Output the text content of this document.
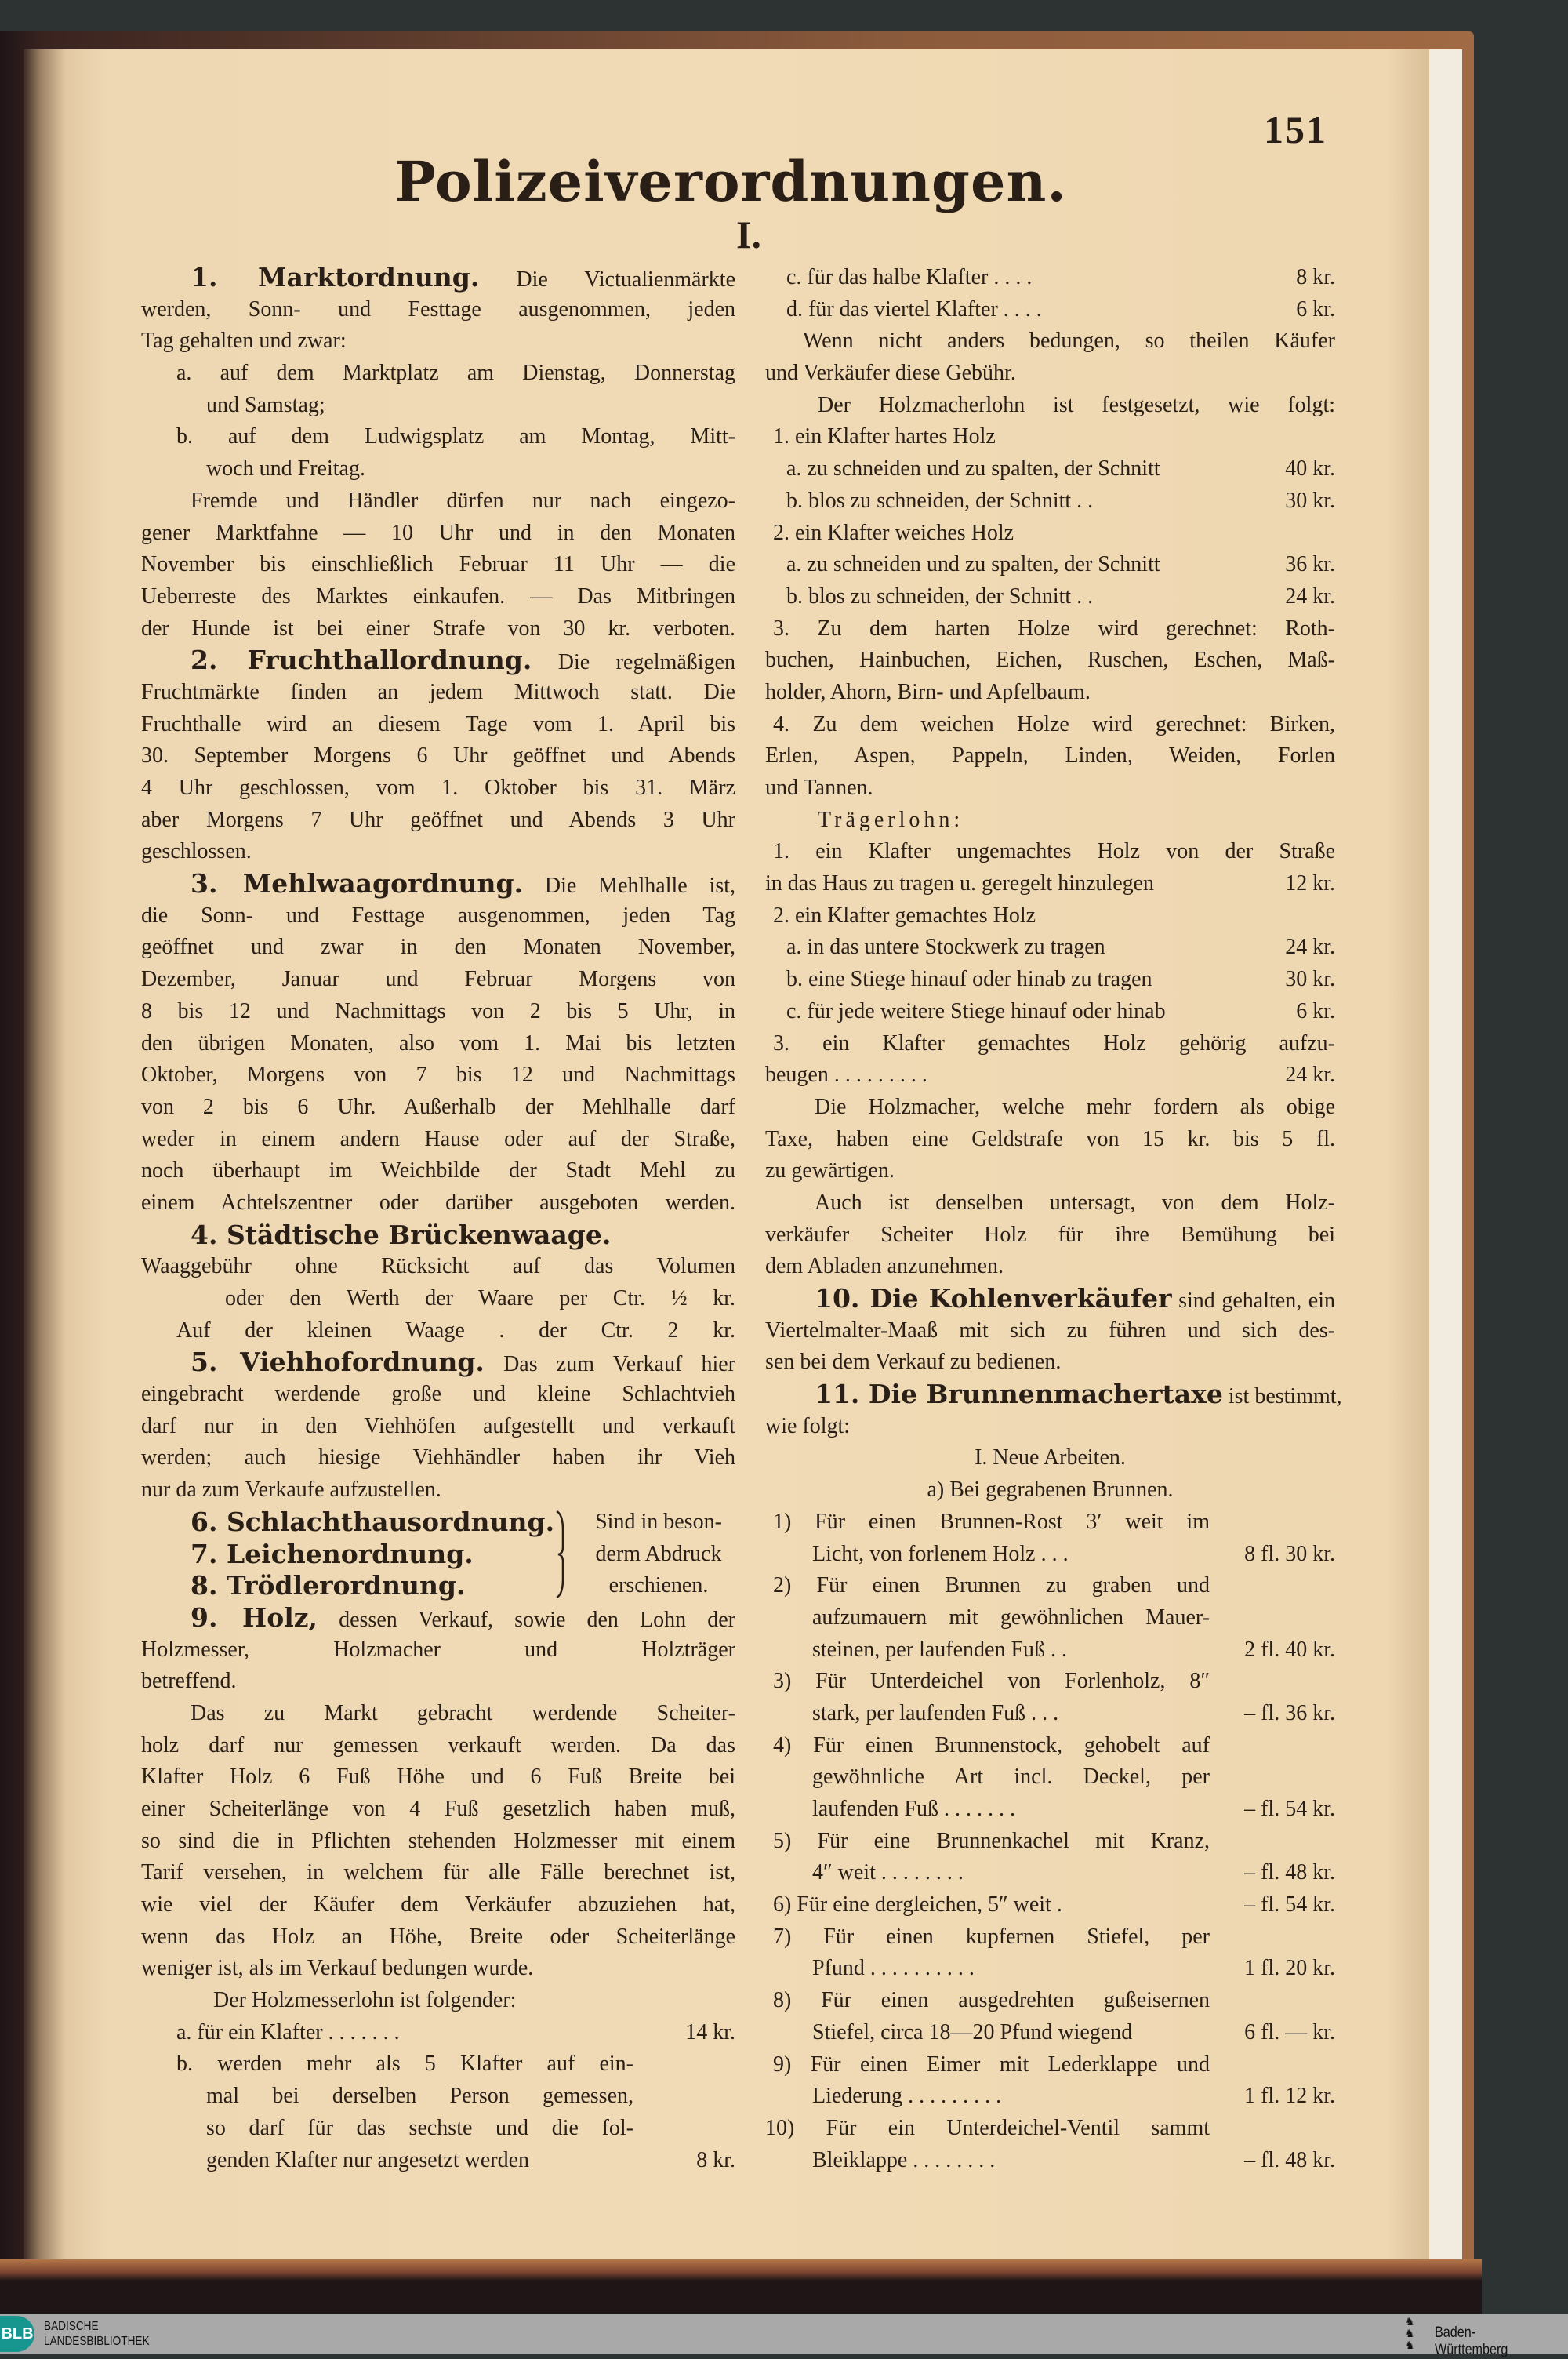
151
Polizeiverordnungen.
I.
1. Marktordnung. Die Victualienmärkte
werden, Sonn- und Festtage ausgenommen, jeden
Tag gehalten und zwar:
a. auf dem Marktplatz am Dienstag, Donnerstag
und Samstag;
b. auf dem Ludwigsplatz am Montag, Mitt-
woch und Freitag.
Fremde und Händler dürfen nur nach eingezo-
gener Marktfahne — 10 Uhr und in den Monaten
November bis einschließlich Februar 11 Uhr — die
Ueberreste des Marktes einkaufen. — Das Mitbringen
der Hunde ist bei einer Strafe von 30 kr. verboten.
2. Fruchthallordnung. Die regelmäßigen
Fruchtmärkte finden an jedem Mittwoch statt. Die
Fruchthalle wird an diesem Tage vom 1. April bis
30. September Morgens 6 Uhr geöffnet und Abends
4 Uhr geschlossen, vom 1. Oktober bis 31. März
aber Morgens 7 Uhr geöffnet und Abends 3 Uhr
geschlossen.
3. Mehlwaagordnung. Die Mehlhalle ist,
die Sonn- und Festtage ausgenommen, jeden Tag
geöffnet und zwar in den Monaten November,
Dezember, Januar und Februar Morgens von
8 bis 12 und Nachmittags von 2 bis 5 Uhr, in
den übrigen Monaten, also vom 1. Mai bis letzten
Oktober, Morgens von 7 bis 12 und Nachmittags
von 2 bis 6 Uhr. Außerhalb der Mehlhalle darf
weder in einem andern Hause oder auf der Straße,
noch überhaupt im Weichbilde der Stadt Mehl zu
einem Achtelszentner oder darüber ausgeboten werden.
4. Städtische Brückenwaage.
Waaggebühr ohne Rücksicht auf das Volumen
oder den Werth der Waare per Ctr. ½ kr.
Auf der kleinen Waage . der Ctr. 2 kr.
5. Viehhofordnung. Das zum Verkauf hier
eingebracht werdende große und kleine Schlachtvieh
darf nur in den Viehhöfen aufgestellt und verkauft
werden; auch hiesige Viehhändler haben ihr Vieh
nur da zum Verkaufe aufzustellen.
6. Schlachthausordnung.
7. Leichenordnung.
8. Trödlerordnung.
Sind in beson-
derm Abdruck
erschienen.
9. Holz, dessen Verkauf, sowie den Lohn der
Holzmesser, Holzmacher und Holzträger
betreffend.
Das zu Markt gebracht werdende Scheiter-
holz darf nur gemessen verkauft werden. Da das
Klafter Holz 6 Fuß Höhe und 6 Fuß Breite bei
einer Scheiterlänge von 4 Fuß gesetzlich haben muß,
so sind die in Pflichten stehenden Holzmesser mit einem
Tarif versehen, in welchem für alle Fälle berechnet ist,
wie viel der Käufer dem Verkäufer abzuziehen hat,
wenn das Holz an Höhe, Breite oder Scheiterlänge
weniger ist, als im Verkauf bedungen wurde.
Der Holzmesserlohn ist folgender:
a. für ein Klafter . . . . . . .	14 kr.
b. werden mehr als 5 Klafter auf ein-
mal bei derselben Person gemessen,
so darf für das sechste und die fol-
genden Klafter nur angesetzt werden	8 kr.
c. für das halbe Klafter . . . .	8 kr.
d. für das viertel Klafter . . . .	6 kr.
Wenn nicht anders bedungen, so theilen Käufer
und Verkäufer diese Gebühr.
Der Holzmacherlohn ist festgesetzt, wie folgt:
1. ein Klafter hartes Holz
a. zu schneiden und zu spalten, der Schnitt	40 kr.
b. blos zu schneiden, der Schnitt . .	30 kr.
2. ein Klafter weiches Holz
a. zu schneiden und zu spalten, der Schnitt	36 kr.
b. blos zu schneiden, der Schnitt . .	24 kr.
3. Zu dem harten Holze wird gerechnet: Roth-
buchen, Hainbuchen, Eichen, Ruschen, Eschen, Maß-
holder, Ahorn, Birn- und Apfelbaum.
4. Zu dem weichen Holze wird gerechnet: Birken,
Erlen, Aspen, Pappeln, Linden, Weiden, Forlen
und Tannen.
Trägerlohn:
1. ein Klafter ungemachtes Holz von der Straße
in das Haus zu tragen u. geregelt hinzulegen	12 kr.
2. ein Klafter gemachtes Holz
a. in das untere Stockwerk zu tragen	24 kr.
b. eine Stiege hinauf oder hinab zu tragen	30 kr.
c. für jede weitere Stiege hinauf oder hinab	6 kr.
3. ein Klafter gemachtes Holz gehörig aufzu-
beugen . . . . . . . . .	24 kr.
Die Holzmacher, welche mehr fordern als obige
Taxe, haben eine Geldstrafe von 15 kr. bis 5 fl.
zu gewärtigen.
Auch ist denselben untersagt, von dem Holz-
verkäufer Scheiter Holz für ihre Bemühung bei
dem Abladen anzunehmen.
10. Die Kohlenverkäufer sind gehalten, ein
Viertelmalter-Maaß mit sich zu führen und sich des-
sen bei dem Verkauf zu bedienen.
11. Die Brunnenmachertaxe ist bestimmt,
wie folgt:
I. Neue Arbeiten.
a) Bei gegrabenen Brunnen.
1) Für einen Brunnen-Rost 3′ weit im
Licht, von forlenem Holz . . .	8 fl. 30 kr.
2) Für einen Brunnen zu graben und
aufzumauern mit gewöhnlichen Mauer-
steinen, per laufenden Fuß . .	2 fl. 40 kr.
3) Für Unterdeichel von Forlenholz, 8″
stark, per laufenden Fuß . . .	– fl. 36 kr.
4) Für einen Brunnenstock, gehobelt auf
gewöhnliche Art incl. Deckel, per
laufenden Fuß . . . . . . .	– fl. 54 kr.
5) Für eine Brunnenkachel mit Kranz,
4″ weit . . . . . . . .	– fl. 48 kr.
6) Für eine dergleichen, 5″ weit .	– fl. 54 kr.
7) Für einen kupfernen Stiefel, per
Pfund . . . . . . . . . .	1 fl. 20 kr.
8) Für einen ausgedrehten gußeisernen
Stiefel, circa 18—20 Pfund wiegend	6 fl. — kr.
9) Für einen Eimer mit Lederklappe und
Liederung . . . . . . . . .	1 fl. 12 kr.
10) Für ein Unterdeichel-Ventil sammt
Bleiklappe . . . . . . . .	– fl. 48 kr.
BLB BADISCHE
LANDESBIBLIOTHEK
♞
♞
♞
Baden-Württemberg
